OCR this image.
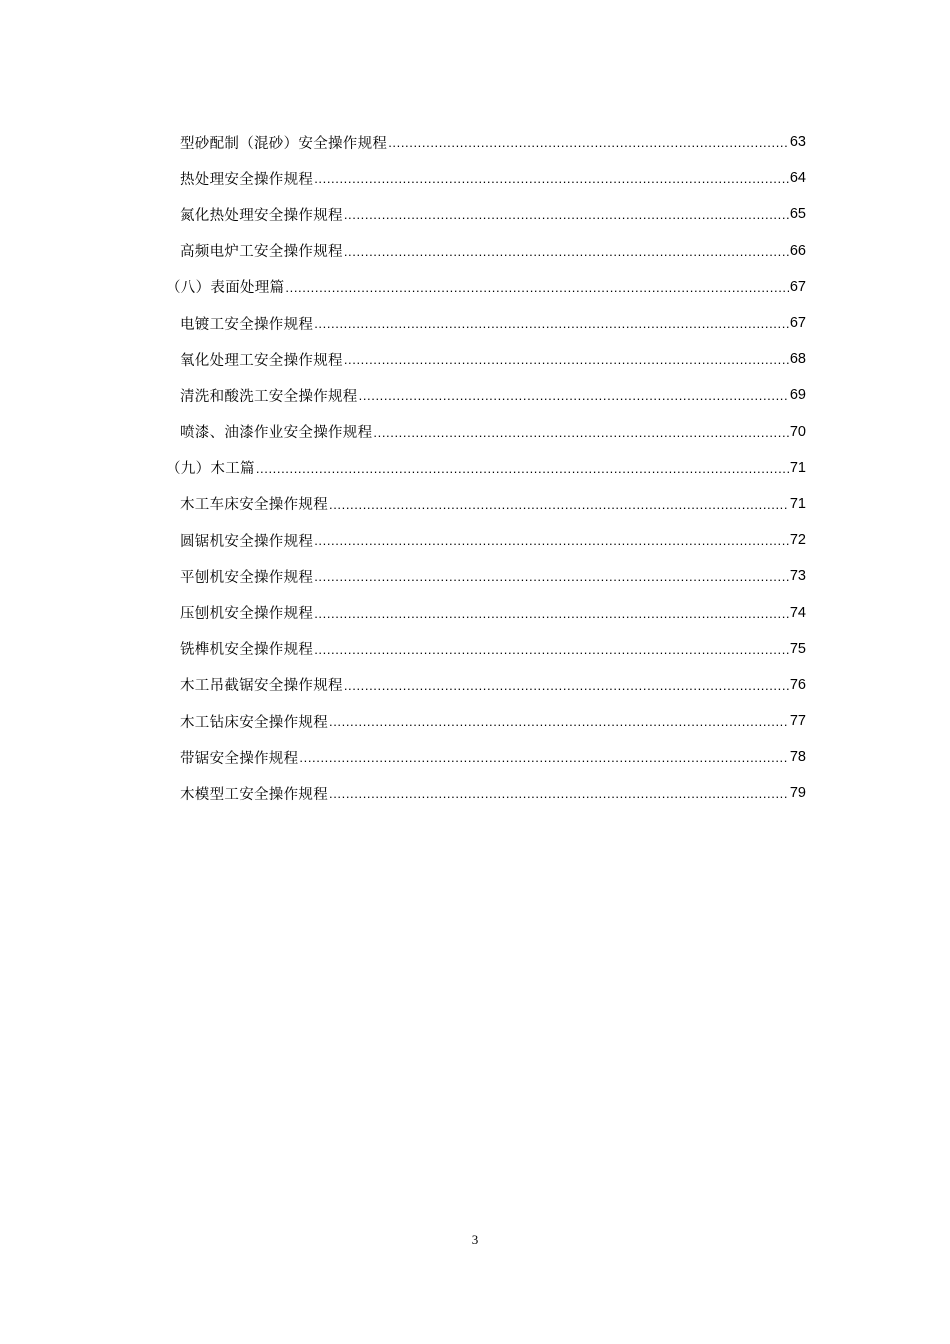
型砂配制（混砂）安全操作规程 .....	63
热处理安全操作规程 .....	64
氮化热处理安全操作规程 .....	65
高频电炉工安全操作规程 .....	66
（八）表面处理篇 .....	67
电镀工安全操作规程 .....	67
氧化处理工安全操作规程 .....	68
清洗和酸洗工安全操作规程 .....	69
喷漆、油漆作业安全操作规程 .....	70
（九）木工篇 .....	71
木工车床安全操作规程 .....	71
圆锯机安全操作规程 .....	72
平刨机安全操作规程 .....	73
压刨机安全操作规程 .....	74
铣榫机安全操作规程 .....	75
木工吊截锯安全操作规程 .....	76
木工钻床安全操作规程 .....	77
带锯安全操作规程 .....	78
木模型工安全操作规程 .....	79
3
